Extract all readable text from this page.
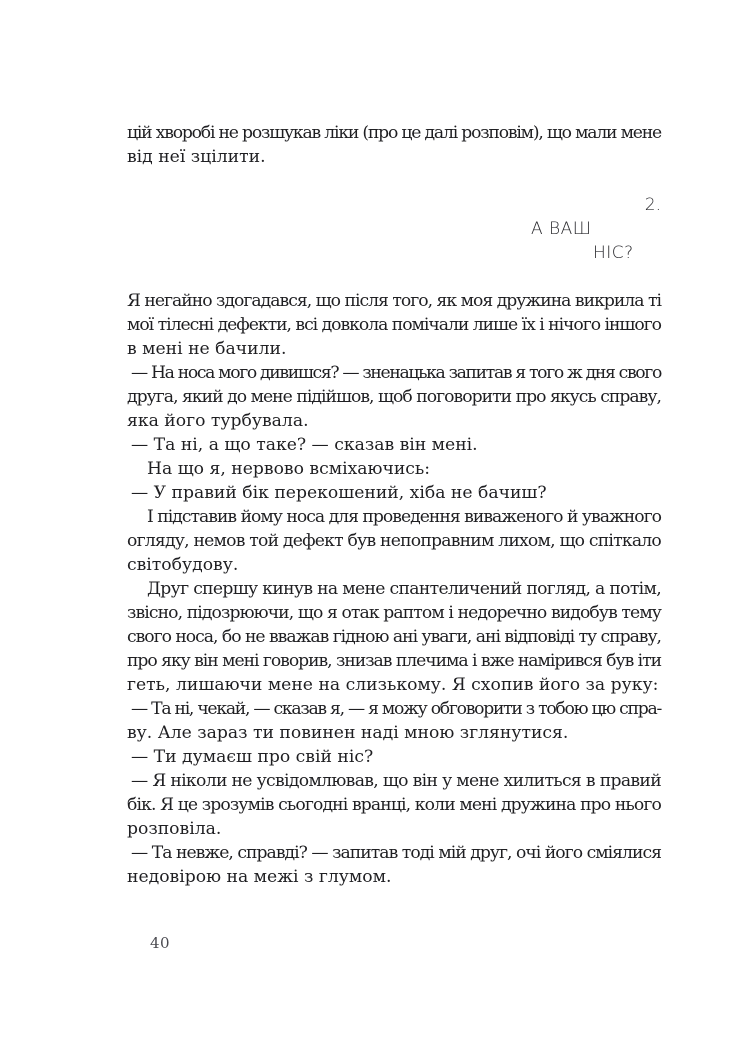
цій хворобі не розшукав ліки (про це далі розповім), що мали мене
від неї зцілити.
2.
А ВАШ
НІС?
Я негайно здогадався, що після того, як моя дружина викрила ті
мої тілесні дефекти, всі довкола помічали лише їх і нічого іншого
в мені не бачили.
— На носа мого дивишся? — зненацька запитав я того ж дня свого
друга, який до мене підійшов, щоб поговорити про якусь справу,
яка його турбувала.
— Та ні, а що таке? — сказав він мені.
На що я, нервово всміхаючись:
— У правий бік перекошений, хіба не бачиш?
І підставив йому носа для проведення виваженого й уважного
огляду, немов той дефект був непоправним лихом, що спіткало
світобудову.
Друг спершу кинув на мене спантеличений погляд, а потім,
звісно, підозрюючи, що я отак раптом і недоречно видобув тему
свого носа, бо не вважав гідною ані уваги, ані відповіді ту справу,
про яку він мені говорив, знизав плечима і вже намірився був іти
геть, лишаючи мене на слизькому. Я схопив його за руку:
— Та ні, чекай, — сказав я, — я можу обговорити з тобою цю спра-
ву. Але зараз ти повинен наді мною зглянутися.
— Ти думаєш про свій ніс?
— Я ніколи не усвідомлював, що він у мене хилиться в правий
бік. Я це зрозумів сьогодні вранці, коли мені дружина про нього
розповіла.
— Та невже, справді? — запитав тоді мій друг, очі його сміялися
недовірою на межі з глумом.
40
